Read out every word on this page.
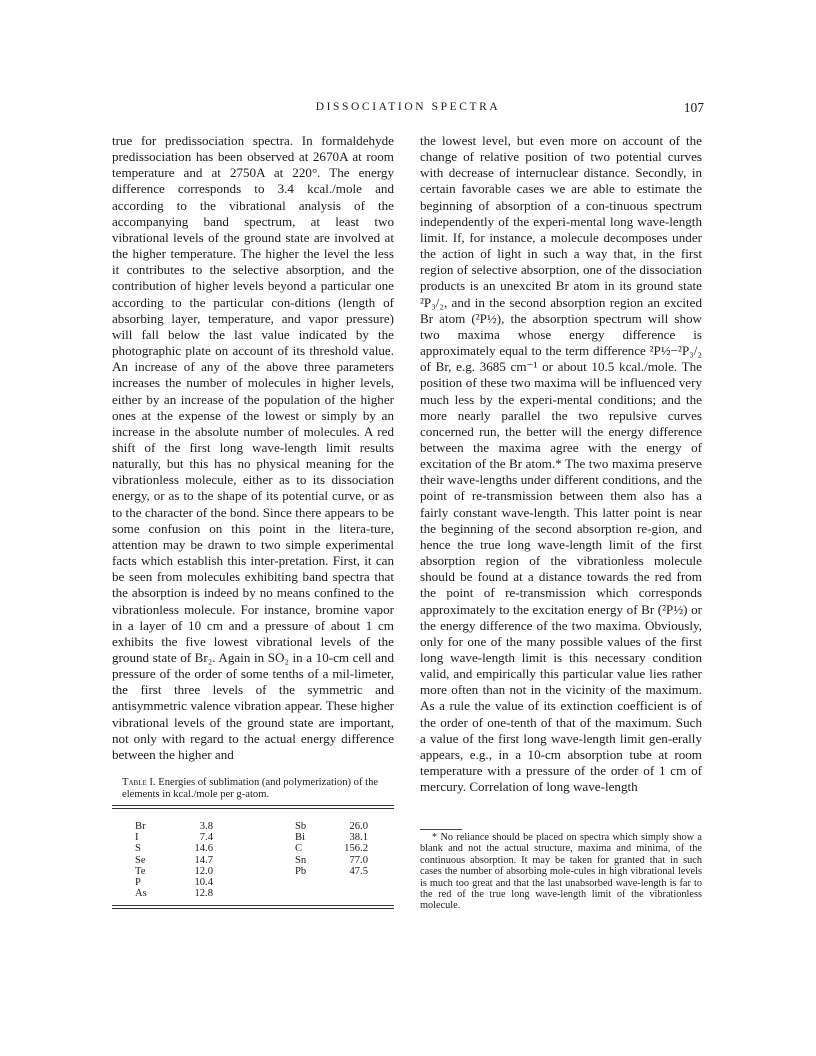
DISSOCIATION SPECTRA	107

true for predissociation spectra. In formaldehyde predissociation has been observed at 2670A at room temperature and at 2750A at 220°. The energy difference corresponds to 3.4 kcal./mole and according to the vibrational analysis of the accompanying band spectrum, at least two vibrational levels of the ground state are involved at the higher temperature. The higher the level the less it contributes to the selective absorption, and the contribution of higher levels beyond a particular one according to the particular con-ditions (length of absorbing layer, temperature, and vapor pressure) will fall below the last value indicated by the photographic plate on account of its threshold value. An increase of any of the above three parameters increases the number of molecules in higher levels, either by an increase of the population of the higher ones at the expense of the lowest or simply by an increase in the absolute number of molecules. A red shift of the first long wave-length limit results naturally, but this has no physical meaning for the vibrationless molecule, either as to its dissociation energy, or as to the shape of its potential curve, or as to the character of the bond. Since there appears to be some confusion on this point in the litera-ture, attention may be drawn to two simple experimental facts which establish this inter-pretation. First, it can be seen from molecules exhibiting band spectra that the absorption is indeed by no means confined to the vibrationless molecule. For instance, bromine vapor in a layer of 10 cm and a pressure of about 1 cm exhibits the five lowest vibrational levels of the ground state of Br₂. Again in SO₂ in a 10-cm cell and pressure of the order of some tenths of a mil-limeter, the first three levels of the symmetric and antisymmetric valence vibration appear. These higher vibrational levels of the ground state are important, not only with regard to the actual energy difference between the higher and

the lowest level, but even more on account of the change of relative position of two potential curves with decrease of internuclear distance. Secondly, in certain favorable cases we are able to estimate the beginning of absorption of a con-tinuous spectrum independently of the experi-mental long wave-length limit. If, for instance, a molecule decomposes under the action of light in such a way that, in the first region of selective absorption, one of the dissociation products is an unexcited Br atom in its ground state ²P₃/₂, and in the second absorption region an excited Br atom (²P½), the absorption spectrum will show two maxima whose energy difference is approximately equal to the term difference ²P½−²P₃/₂ of Br, e.g. 3685 cm⁻¹ or about 10.5 kcal./mole. The position of these two maxima will be influenced very much less by the experi-mental conditions; and the more nearly parallel the two repulsive curves concerned run, the better will the energy difference between the maxima agree with the energy of excitation of the Br atom.* The two maxima preserve their wave-lengths under different conditions, and the point of re-transmission between them also has a fairly constant wave-length. This latter point is near the beginning of the second absorption re-gion, and hence the true long wave-length limit of the first absorption region of the vibrationless molecule should be found at a distance towards the red from the point of re-transmission which corresponds approximately to the excitation energy of Br (²P½) or the energy difference of the two maxima. Obviously, only for one of the many possible values of the first long wave-length limit is this necessary condition valid, and empirically this particular value lies rather more often than not in the vicinity of the maximum. As a rule the value of its extinction coefficient is of the order of one-tenth of that of the maximum. Such a value of the first long wave-length limit gen-erally appears, e.g., in a 10-cm absorption tube at room temperature with a pressure of the order of 1 cm of mercury. Correlation of long wave-length

Table I. Energies of sublimation (and polymerization) of the elements in kcal./mole per g-atom.
Br
I
S
Se
Te
P
As
3.8
7.4
14.6
14.7
12.0
10.4
12.8
Sb
Bi
C
Sn
Pb
26.0
38.1
156.2
77.0
47.5

* No reliance should be placed on spectra which simply show a blank and not the actual structure, maxima and minima, of the continuous absorption. It may be taken for granted that in such cases the number of absorbing mole-cules in high vibrational levels is much too great and that the last unabsorbed wave-length is far to the red of the true long wave-length limit of the vibrationless molecule.
